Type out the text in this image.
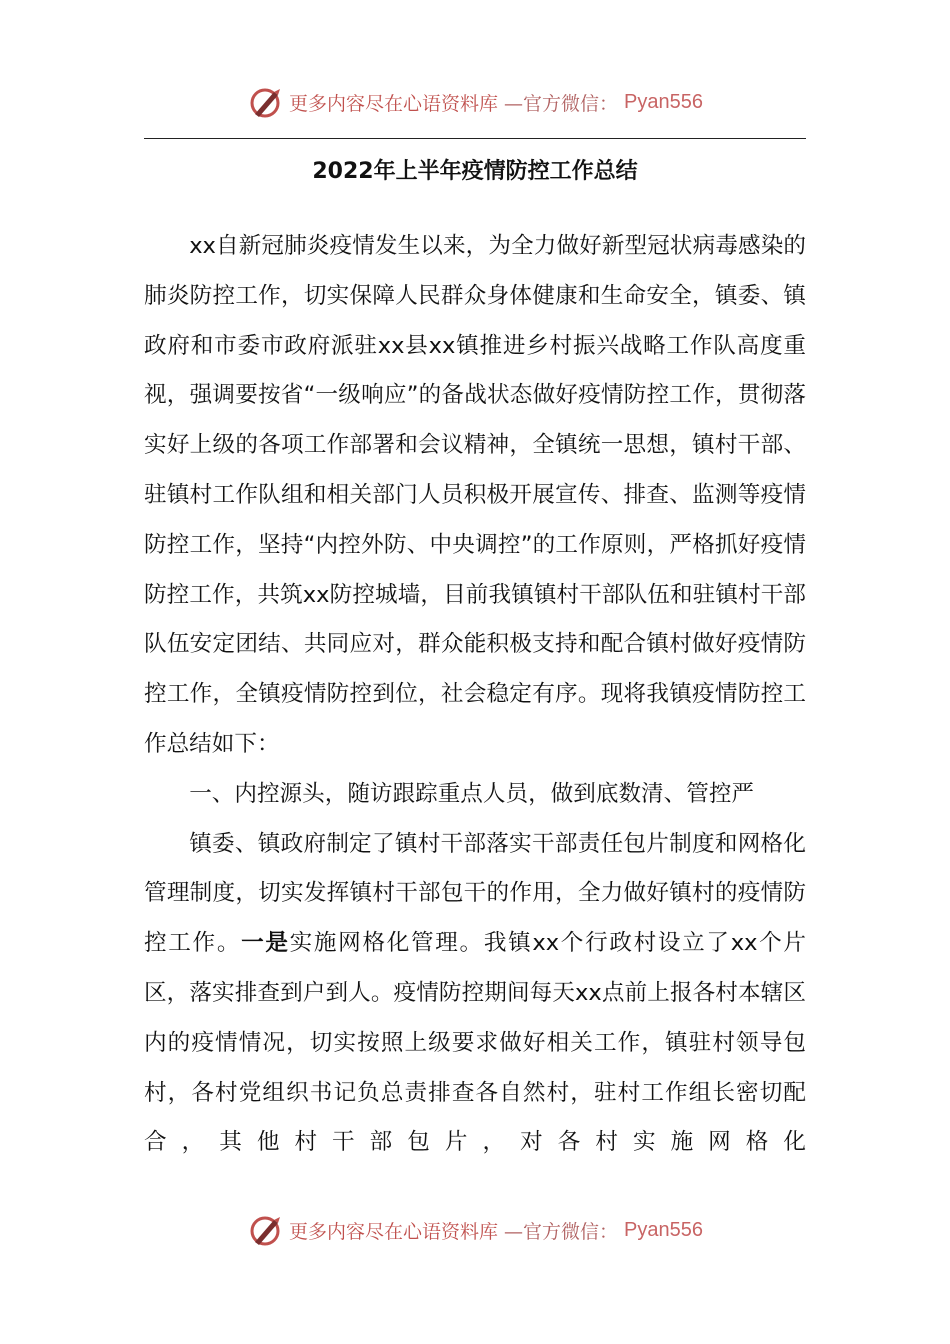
更多内容尽在心语资料库 —官方微信： Pyan556
2022年上半年疫情防控工作总结

xx自新冠肺炎疫情发生以来，为全力做好新型冠状病毒感染的肺炎防控工作，切实保障人民群众身体健康和生命安全，镇委、镇政府和市委市政府派驻xx县xx镇推进乡村振兴战略工作队高度重视，强调要按省“一级响应”的备战状态做好疫情防控工作，贯彻落实好上级的各项工作部署和会议精神，全镇统一思想，镇村干部、驻镇村工作队组和相关部门人员积极开展宣传、排查、监测等疫情防控工作，坚持“内控外防、中央调控”的工作原则，严格抓好疫情防控工作，共筑xx防控城墙，目前我镇镇村干部队伍和驻镇村干部队伍安定团结、共同应对，群众能积极支持和配合镇村做好疫情防控工作，全镇疫情防控到位，社会稳定有序。现将我镇疫情防控工作总结如下：

一、内控源头，随访跟踪重点人员，做到底数清、管控严

镇委、镇政府制定了镇村干部落实干部责任包片制度和网格化管理制度，切实发挥镇村干部包干的作用，全力做好镇村的疫情防控工作。一是实施网格化管理。我镇xx个行政村设立了xx个片区，落实排查到户到人。疫情防控期间每天xx点前上报各村本辖区内的疫情情况，切实按照上级要求做好相关工作，镇驻村领导包村，各村党组织书记负总责排查各自然村，驻村工作组长密切配合，其他村干部包片，对各村实施网格化

更多内容尽在心语资料库 —官方微信： Pyan556
